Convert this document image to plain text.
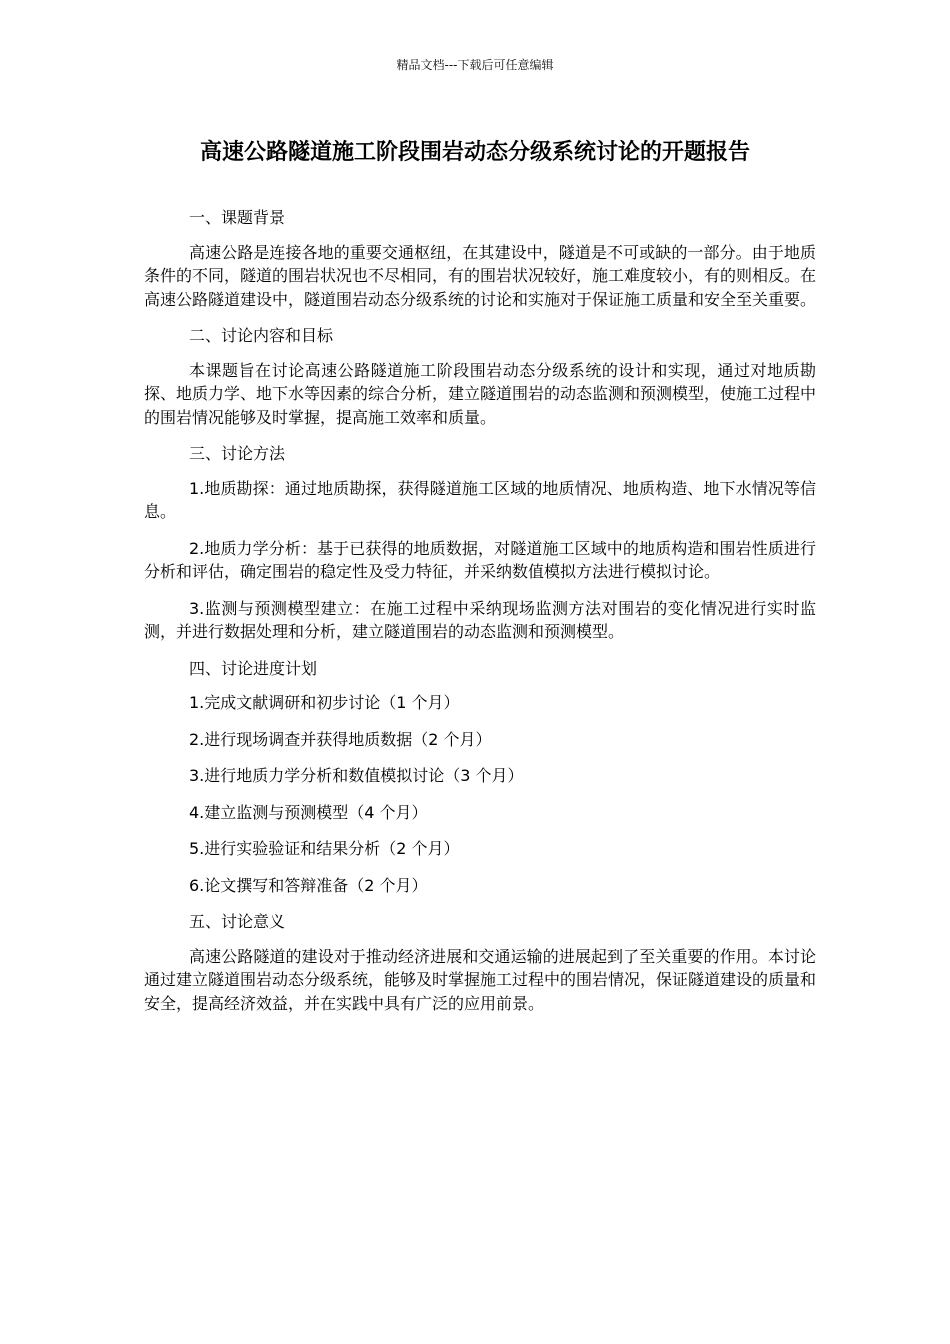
精品文档---下载后可任意编辑
高速公路隧道施工阶段围岩动态分级系统讨论的开题报告

一、课题背景

高速公路是连接各地的重要交通枢纽，在其建设中，隧道是不可或缺的一部分。由于地质条件的不同，隧道的围岩状况也不尽相同，有的围岩状况较好，施工难度较小，有的则相反。在高速公路隧道建设中，隧道围岩动态分级系统的讨论和实施对于保证施工质量和安全至关重要。

二、讨论内容和目标

本课题旨在讨论高速公路隧道施工阶段围岩动态分级系统的设计和实现，通过对地质勘探、地质力学、地下水等因素的综合分析，建立隧道围岩的动态监测和预测模型，使施工过程中的围岩情况能够及时掌握，提高施工效率和质量。

三、讨论方法

1.地质勘探：通过地质勘探，获得隧道施工区域的地质情况、地质构造、地下水情况等信息。

2.地质力学分析：基于已获得的地质数据，对隧道施工区域中的地质构造和围岩性质进行分析和评估，确定围岩的稳定性及受力特征，并采纳数值模拟方法进行模拟讨论。

3.监测与预测模型建立：在施工过程中采纳现场监测方法对围岩的变化情况进行实时监测，并进行数据处理和分析，建立隧道围岩的动态监测和预测模型。

四、讨论进度计划

1.完成文献调研和初步讨论（1 个月）

2.进行现场调查并获得地质数据（2 个月）

3.进行地质力学分析和数值模拟讨论（3 个月）

4.建立监测与预测模型（4 个月）

5.进行实验验证和结果分析（2 个月）

6.论文撰写和答辩准备（2 个月）

五、讨论意义

高速公路隧道的建设对于推动经济进展和交通运输的进展起到了至关重要的作用。本讨论通过建立隧道围岩动态分级系统，能够及时掌握施工过程中的围岩情况，保证隧道建设的质量和安全，提高经济效益，并在实践中具有广泛的应用前景。
